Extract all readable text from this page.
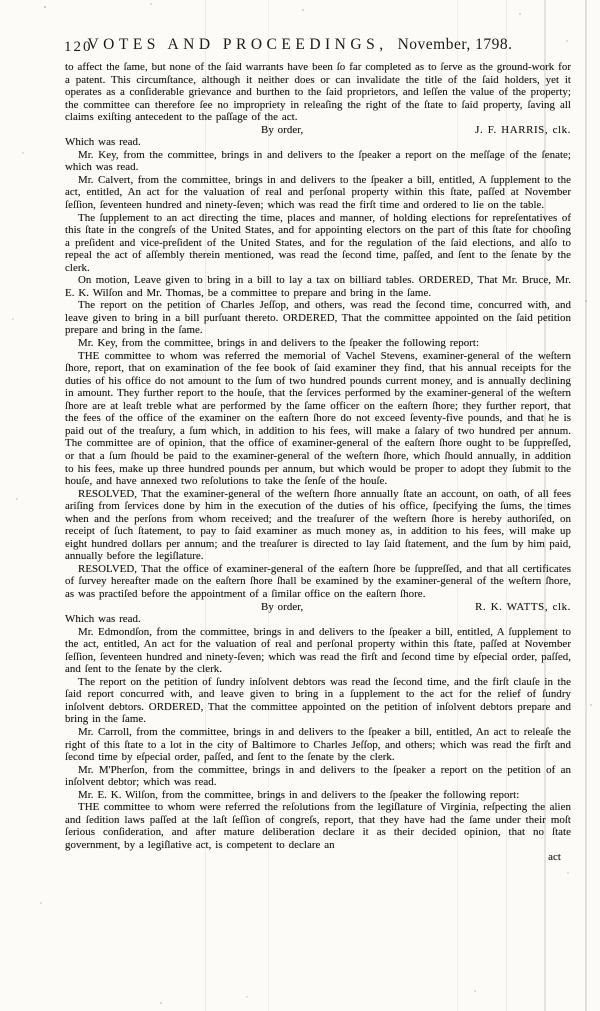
120
VOTES AND PROCEEDINGS, November, 1798.

to affect the ſame, but none of the ſaid warrants have been ſo far completed as to ſerve as the ground-work for a patent. This circumſtance, although it neither does or can invalidate the title of the ſaid holders, yet it operates as a conſiderable grievance and burthen to the ſaid proprietors, and leſſen the value of the property; the committee can therefore ſee no impropriety in releaſing the right of the ſtate to ſaid property, ſaving all claims exiſting antecedent to the paſſage of the act.

By order,	J. F. HARRIS, clk.

Which was read.

Mr. Key, from the committee, brings in and delivers to the ſpeaker a report on the meſſage of the ſenate; which was read.

Mr. Calvert, from the committee, brings in and delivers to the ſpeaker a bill, entitled, A ſupplement to the act, entitled, An act for the valuation of real and perſonal property within this ſtate, paſſed at November ſeſſion, ſeventeen hundred and ninety-ſeven; which was read the firſt time and ordered to lie on the table.

The ſupplement to an act directing the time, places and manner, of holding elections for repreſentatives of this ſtate in the congreſs of the United States, and for appointing electors on the part of this ſtate for chooſing a preſident and vice-preſident of the United States, and for the regulation of the ſaid elections, and alſo to repeal the act of aſſembly therein mentioned, was read the ſecond time, paſſed, and ſent to the ſenate by the clerk.

On motion, Leave given to bring in a bill to lay a tax on billiard tables. ORDERED, That Mr. Bruce, Mr. E. K. Wilſon and Mr. Thomas, be a committee to prepare and bring in the ſame.

The report on the petition of Charles Jeſſop, and others, was read the ſecond time, concurred with, and leave given to bring in a bill purſuant thereto. ORDERED, That the committee appointed on the ſaid petition prepare and bring in the ſame.

Mr. Key, from the committee, brings in and delivers to the ſpeaker the following report:

THE committee to whom was referred the memorial of Vachel Stevens, examiner-general of the weſtern ſhore, report, that on examination of the fee book of ſaid examiner they find, that his annual receipts for the duties of his office do not amount to the ſum of two hundred pounds current money, and is annually declining in amount. They further report to the houſe, that the ſervices performed by the examiner-general of the weſtern ſhore are at leaſt treble what are performed by the ſame officer on the eaſtern ſhore; they further report, that the fees of the office of the examiner on the eaſtern ſhore do not exceed ſeventy-five pounds, and that he is paid out of the treaſury, a ſum which, in addition to his fees, will make a ſalary of two hundred per annum. The committee are of opinion, that the office of examiner-general of the eaſtern ſhore ought to be ſuppreſſed, or that a ſum ſhould be paid to the examiner-general of the weſtern ſhore, which ſhould annually, in addition to his fees, make up three hundred pounds per annum, but which would be proper to adopt they ſubmit to the houſe, and have annexed two reſolutions to take the ſenſe of the houſe.

RESOLVED, That the examiner-general of the weſtern ſhore annually ſtate an account, on oath, of all fees ariſing from ſervices done by him in the execution of the duties of his office, ſpecifying the ſums, the times when and the perſons from whom received; and the treaſurer of the weſtern ſhore is hereby authoriſed, on receipt of ſuch ſtatement, to pay to ſaid examiner as much money as, in addition to his fees, will make up eight hundred dollars per annum; and the treaſurer is directed to lay ſaid ſtatement, and the ſum by him paid, annually before the legiſlature.

RESOLVED, That the office of examiner-general of the eaſtern ſhore be ſuppreſſed, and that all certificates of ſurvey hereafter made on the eaſtern ſhore ſhall be examined by the examiner-general of the weſtern ſhore, as was practiſed before the appointment of a ſimilar office on the eaſtern ſhore.

By order,	R. K. WATTS, clk.

Which was read.

Mr. Edmondſon, from the committee, brings in and delivers to the ſpeaker a bill, entitled, A ſupplement to the act, entitled, An act for the valuation of real and perſonal property within this ſtate, paſſed at November ſeſſion, ſeventeen hundred and ninety-ſeven; which was read the firſt and ſecond time by eſpecial order, paſſed, and ſent to the ſenate by the clerk.

The report on the petition of ſundry inſolvent debtors was read the ſecond time, and the firſt clauſe in the ſaid report concurred with, and leave given to bring in a ſupplement to the act for the relief of ſundry inſolvent debtors. ORDERED, That the committee appointed on the petition of inſolvent debtors prepare and bring in the ſame.

Mr. Carroll, from the committee, brings in and delivers to the ſpeaker a bill, entitled, An act to releaſe the right of this ſtate to a lot in the city of Baltimore to Charles Jeſſop, and others; which was read the firſt and ſecond time by eſpecial order, paſſed, and ſent to the ſenate by the clerk.

Mr. M'Pherſon, from the committee, brings in and delivers to the ſpeaker a report on the petition of an inſolvent debtor; which was read.

Mr. E. K. Wilſon, from the committee, brings in and delivers to the ſpeaker the following report:

THE committee to whom were referred the reſolutions from the legiſlature of Virginia, reſpecting the alien and ſedition laws paſſed at the laſt ſeſſion of congreſs, report, that they have had the ſame under their moſt ſerious conſideration, and after mature deliberation declare it as their decided opinion, that no ſtate government, by a legiſlative act, is competent to declare an

act
